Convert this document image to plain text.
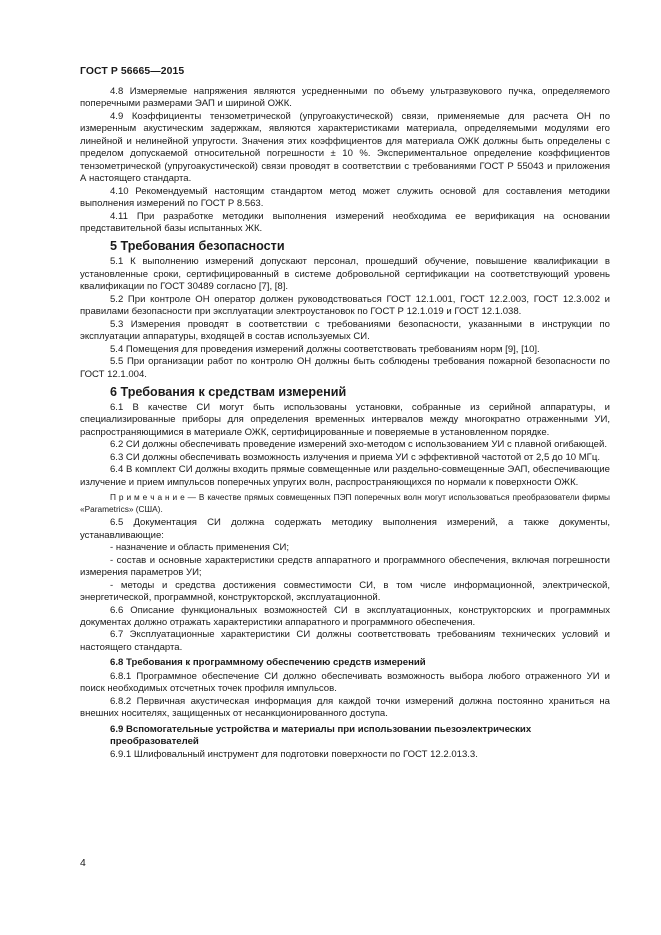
ГОСТ Р 56665—2015

4.8 Измеряемые напряжения являются усредненными по объему ультразвукового пучка, определяемого поперечными размерами ЭАП и шириной ОЖК.

4.9 Коэффициенты тензометрической (упругоакустической) связи, применяемые для расчета ОН по измеренным акустическим задержкам, являются характеристиками материала, определяемыми модулями его линейной и нелинейной упругости. Значения этих коэффициентов для материала ОЖК должны быть определены с пределом допускаемой относительной погрешности ± 10 %. Экспериментальное определение коэффициентов тензометрической (упругоакустической) связи проводят в соответствии с требованиями ГОСТ Р 55043 и приложения А настоящего стандарта.

4.10 Рекомендуемый настоящим стандартом метод может служить основой для составления методики выполнения измерений по ГОСТ Р 8.563.

4.11 При разработке методики выполнения измерений необходима ее верификация на основании представительной базы испытанных ЖК.

5 Требования безопасности

5.1 К выполнению измерений допускают персонал, прошедший обучение, повышение квалификации в установленные сроки, сертифицированный в системе добровольной сертификации на соответствующий уровень квалификации по ГОСТ 30489 согласно [7], [8].

5.2 При контроле ОН оператор должен руководствоваться ГОСТ 12.1.001, ГОСТ 12.2.003, ГОСТ 12.3.002 и правилами безопасности при эксплуатации электроустановок по ГОСТ Р 12.1.019 и ГОСТ 12.1.038.

5.3 Измерения проводят в соответствии с требованиями безопасности, указанными в инструкции по эксплуатации аппаратуры, входящей в состав используемых СИ.

5.4 Помещения для проведения измерений должны соответствовать требованиям норм [9], [10].

5.5 При организации работ по контролю ОН должны быть соблюдены требования пожарной безопасности по ГОСТ 12.1.004.

6 Требования к средствам измерений

6.1 В качестве СИ могут быть использованы установки, собранные из серийной аппаратуры, и специализированные приборы для определения временных интервалов между многократно отраженными УИ, распространяющимися в материале ОЖК, сертифицированные и поверяемые в установленном порядке.

6.2 СИ должны обеспечивать проведение измерений эхо-методом с использованием УИ с плавной огибающей.

6.3 СИ должны обеспечивать возможность излучения и приема УИ с эффективной частотой от 2,5 до 10 МГц.

6.4 В комплект СИ должны входить прямые совмещенные или раздельно-совмещенные ЭАП, обеспечивающие излучение и прием импульсов поперечных упругих волн, распространяющихся по нормали к поверхности ОЖК.

П р и м е ч а н и е — В качестве прямых совмещенных ПЭП поперечных волн могут использоваться преобразователи фирмы «Parametrics» (США).

6.5 Документация СИ должна содержать методику выполнения измерений, а также документы, устанавливающие:

- назначение и область применения СИ;

- состав и основные характеристики средств аппаратного и программного обеспечения, включая погрешности измерения параметров УИ;

- методы и средства достижения совместимости СИ, в том числе информационной, электрической, энергетической, программной, конструкторской, эксплуатационной.

6.6 Описание функциональных возможностей СИ в эксплуатационных, конструкторских и программных документах должно отражать характеристики аппаратного и программного обеспечения.

6.7 Эксплуатационные характеристики СИ должны соответствовать требованиям технических условий и настоящего стандарта.

6.8 Требования к программному обеспечению средств измерений

6.8.1 Программное обеспечение СИ должно обеспечивать возможность выбора любого отраженного УИ и поиск необходимых отсчетных точек профиля импульсов.

6.8.2 Первичная акустическая информация для каждой точки измерений должна постоянно храниться на внешних носителях, защищенных от несанкционированного доступа.

6.9 Вспомогательные устройства и материалы при использовании пьезоэлектрических преобразователей

6.9.1 Шлифовальный инструмент для подготовки поверхности по ГОСТ 12.2.013.3.

4
